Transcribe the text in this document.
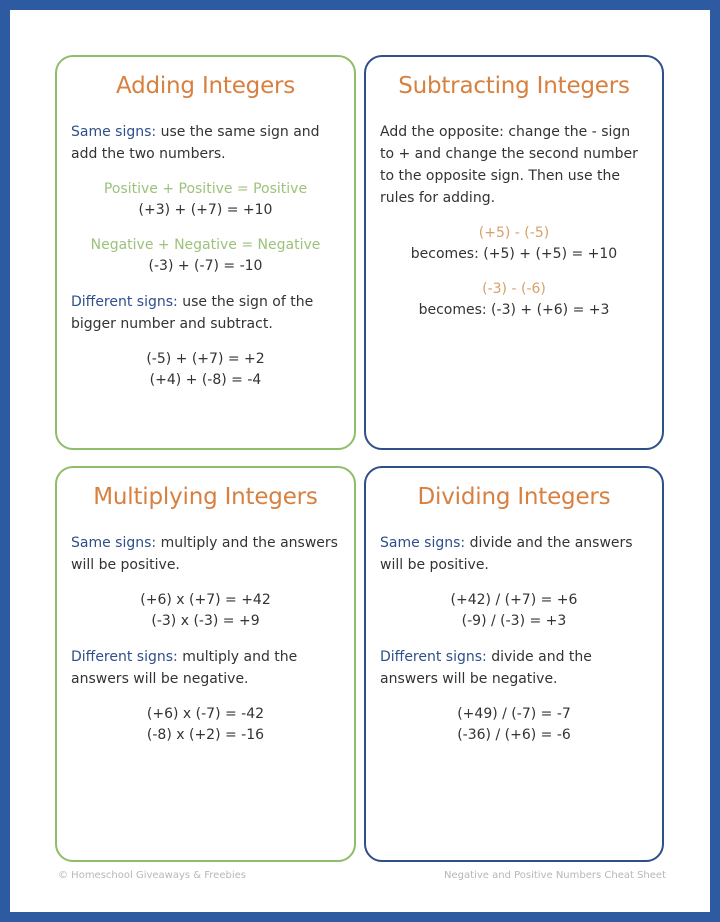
Adding Integers

Same signs: use the same sign and add the two numbers.

Positive + Positive = Positive
(+3) + (+7) = +10
Negative + Negative = Negative
(-3) + (-7) = -10

Different signs: use the sign of the bigger number and subtract.

(-5) + (+7) = +2
(+4) + (-8) = -4
Subtracting Integers

Add the opposite: change the - sign to + and change the second number to the opposite sign. Then use the rules for adding.

(+5) - (-5)
becomes: (+5) + (+5) = +10
(-3) - (-6)
becomes: (-3) + (+6) = +3
Multiplying Integers

Same signs: multiply and the answers will be positive.

(+6) x (+7) = +42
(-3) x (-3) = +9

Different signs: multiply and the answers will be negative.

(+6) x (-7) = -42
(-8) x (+2) = -16
Dividing Integers

Same signs: divide and the answers will be positive.

(+42) / (+7) = +6
(-9) / (-3) = +3

Different signs: divide and the answers will be negative.

(+49) / (-7) = -7
(-36) / (+6) = -6
© Homeschool Giveaways & Freebies	Negative and Positive Numbers Cheat Sheet
